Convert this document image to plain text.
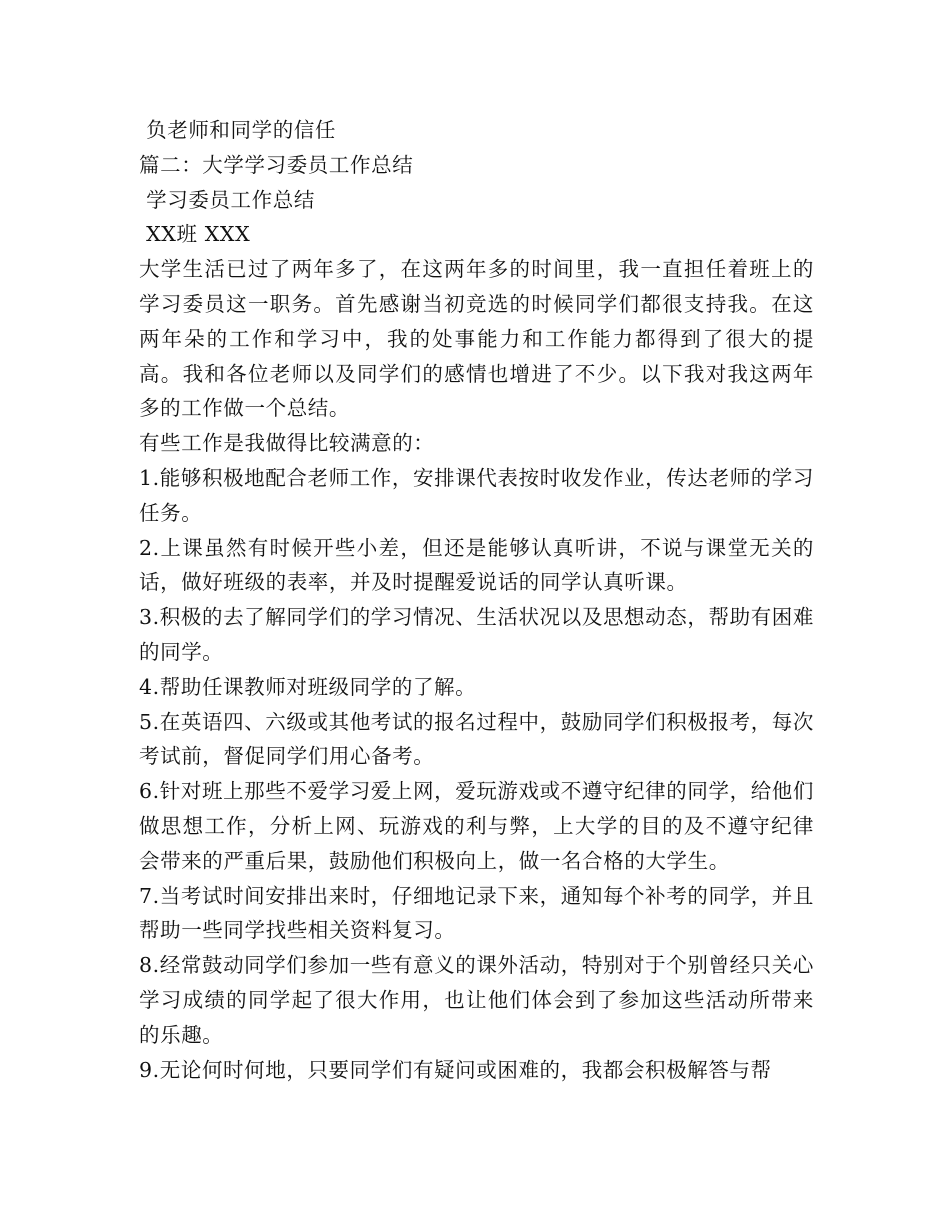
负老师和同学的信任
篇二：大学学习委员工作总结
学习委员工作总结
XX班 XXX

大学生活已过了两年多了，在这两年多的时间里，我一直担任着班上的学习委员这一职务。首先感谢当初竞选的时候同学们都很支持我。在这两年朵的工作和学习中，我的处事能力和工作能力都得到了很大的提高。我和各位老师以及同学们的感情也增进了不少。以下我对我这两年多的工作做一个总结。

有些工作是我做得比较满意的：

1.能够积极地配合老师工作，安排课代表按时收发作业，传达老师的学习任务。

2.上课虽然有时候开些小差，但还是能够认真听讲，不说与课堂无关的话，做好班级的表率，并及时提醒爱说话的同学认真听课。

3.积极的去了解同学们的学习情况、生活状况以及思想动态，帮助有困难的同学。

4.帮助任课教师对班级同学的了解。

5.在英语四、六级或其他考试的报名过程中，鼓励同学们积极报考，每次考试前，督促同学们用心备考。

6.针对班上那些不爱学习爱上网，爱玩游戏或不遵守纪律的同学，给他们做思想工作，分析上网、玩游戏的利与弊，上大学的目的及不遵守纪律会带来的严重后果，鼓励他们积极向上，做一名合格的大学生。

7.当考试时间安排出来时，仔细地记录下来，通知每个补考的同学，并且帮助一些同学找些相关资料复习。

8.经常鼓动同学们参加一些有意义的课外活动，特别对于个别曾经只关心学习成绩的同学起了很大作用，也让他们体会到了参加这些活动所带来的乐趣。

9.无论何时何地，只要同学们有疑问或困难的，我都会积极解答与帮
